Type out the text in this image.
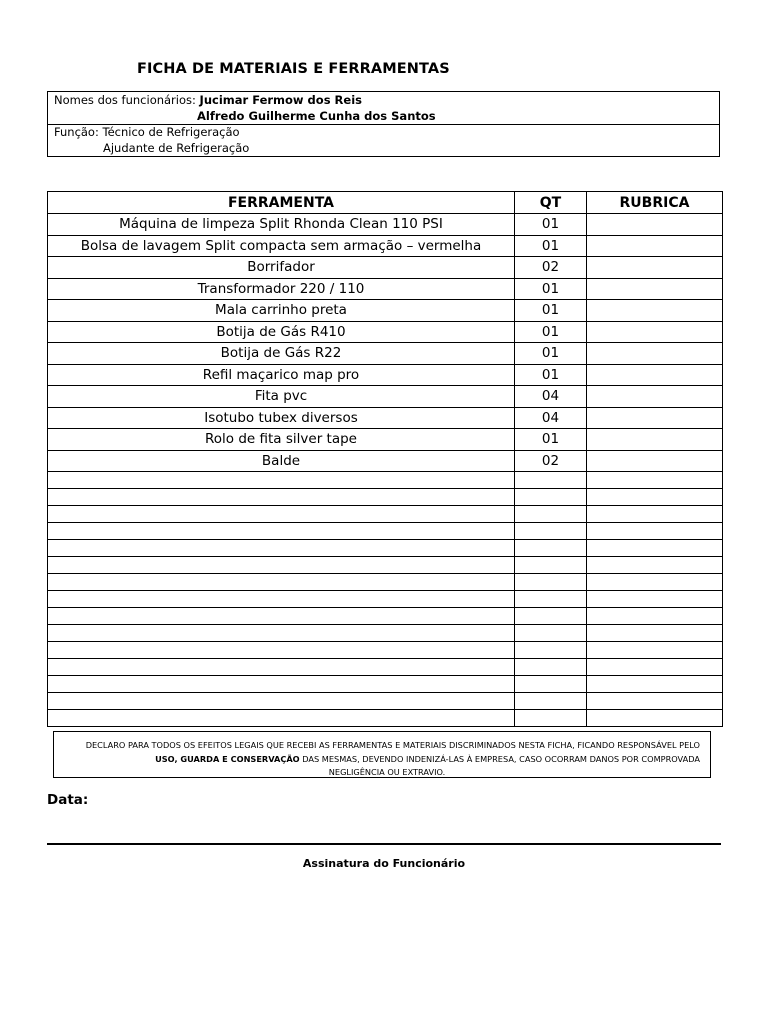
FICHA DE MATERIAIS E FERRAMENTAS
Nomes dos funcionários: Jucimar Fermow dos Reis
Alfredo Guilherme Cunha dos Santos
Função: Técnico de Refrigeração
Ajudante de Refrigeração
FERRAMENTA	QT	RUBRICA
Máquina de limpeza Split Rhonda Clean 110 PSI	01	
Bolsa de lavagem Split compacta sem armação – vermelha	01	
Borrifador	02	
Transformador 220 / 110	01	
Mala carrinho preta	01	
Botija de Gás R410	01	
Botija de Gás R22	01	
Refil maçarico map pro	01	
Fita pvc	04	
Isotubo tubex diversos	04	
Rolo de fita silver tape	01	
Balde	02	

DECLARO PARA TODOS OS EFEITOS LEGAIS QUE RECEBI AS FERRAMENTAS E MATERIAIS DISCRIMINADOS NESTA FICHA, FICANDO RESPONSÁVEL PELO USO, GUARDA E CONSERVAÇÃO DAS MESMAS, DEVENDO INDENIZÁ-LAS À EMPRESA, CASO OCORRAM DANOS POR COMPROVADA
NEGLIGÊNCIA OU EXTRAVIO.
Data:
Assinatura do Funcionário
